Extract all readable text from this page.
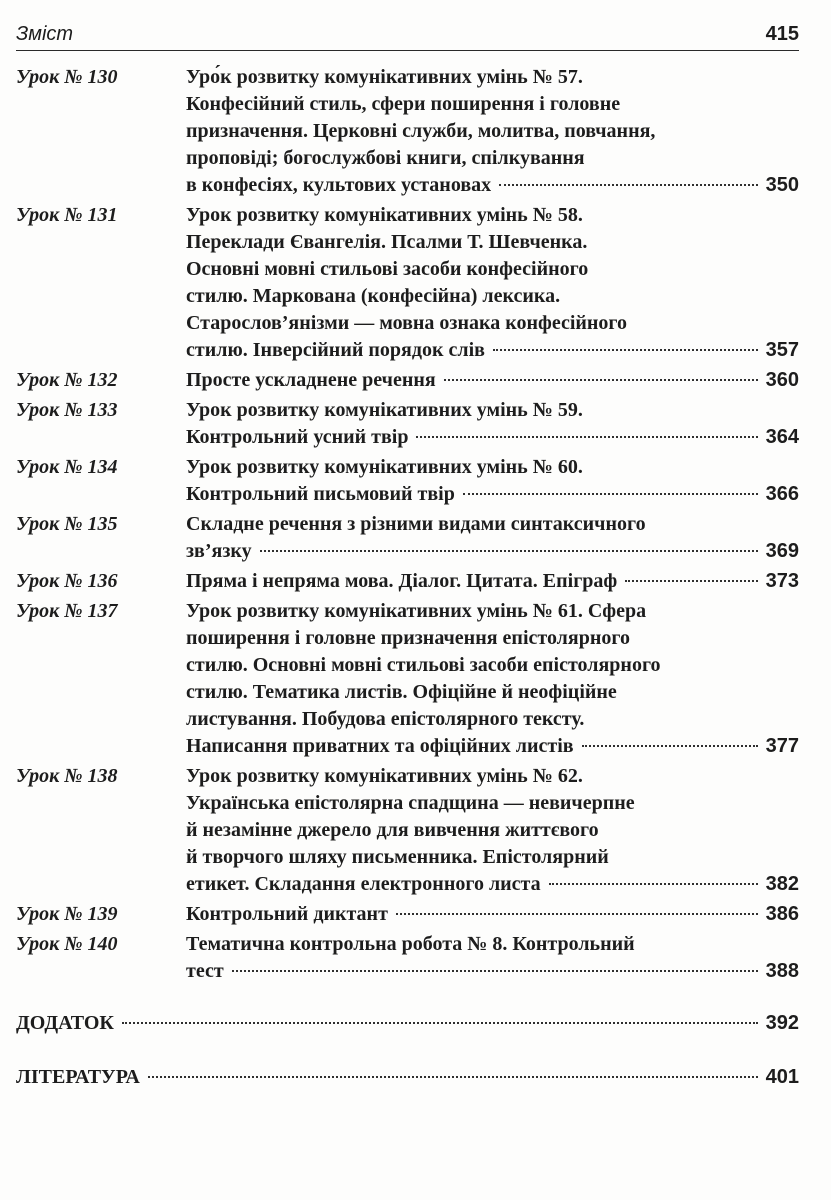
Зміст	415
Урок № 130	Уро́к розвитку комунікативних умінь № 57.
Конфесійний стиль, сфери поширення і головне
призначення. Церковні служби, молитва, повчання,
проповіді; богослужбові книги, спілкування
в конфесіях, культових установах	350
Урок № 131	Урок розвитку комунікативних умінь № 58.
Переклади Євангелія. Псалми Т. Шевченка.
Основні мовні стильові засоби конфесійного
стилю. Маркована (конфесійна) лексика.
Старослов’янізми — мовна ознака конфесійного
стилю. Інверсійний порядок слів	357
Урок № 132	Просте ускладнене речення	360
Урок № 133	Урок розвитку комунікативних умінь № 59.
Контрольний усний твір	364
Урок № 134	Урок розвитку комунікативних умінь № 60.
Контрольний письмовий твір	366
Урок № 135	Складне речення з різними видами синтаксичного
зв’язку	369
Урок № 136	Пряма і непряма мова. Діалог. Цитата. Епіграф	373
Урок № 137	Урок розвитку комунікативних умінь № 61. Сфера
поширення і головне призначення епістолярного
стилю. Основні мовні стильові засоби епістолярного
стилю. Тематика листів. Офіційне й неофіційне
листування. Побудова епістолярного тексту.
Написання приватних та офіційних листів	377
Урок № 138	Урок розвитку комунікативних умінь № 62.
Українська епістолярна спадщина — невичерпне
й незамінне джерело для вивчення життєвого
й творчого шляху письменника. Епістолярний
етикет. Складання електронного листа	382
Урок № 139	Контрольний диктант	386
Урок № 140	Тематична контрольна робота № 8. Контрольний
тест	388
ДОДАТОК	392
ЛІТЕРАТУРА	401
